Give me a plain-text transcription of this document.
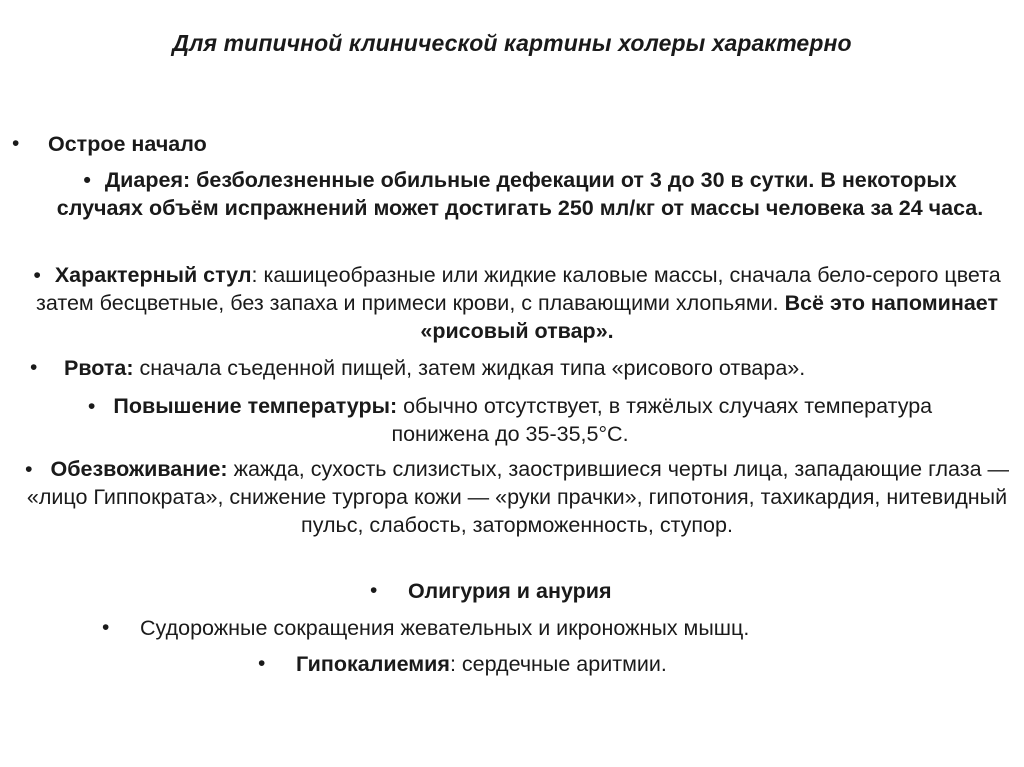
Для типичной клинической картины холеры характерно
• Острое начало
• Диарея: безболезненные обильные дефекации от 3 до 30 в сутки. В некоторых случаях объём испражнений может достигать 250 мл/кг от массы человека за 24 часа.
• Характерный стул: кашицеобразные или жидкие каловые массы, сначала бело-серого цвета затем бесцветные, без запаха и примеси крови, с плавающими хлопьями. Всё это напоминает «рисовый отвар».
• Рвота: сначала съеденной пищей, затем жидкая типа «рисового отвара».
• Повышение температуры: обычно отсутствует, в тяжёлых случаях температура понижена до 35-35,5°С.
• Обезвоживание: жажда, сухость слизистых, заострившиеся черты лица, западающие глаза — «лицо Гиппократа», снижение тургора кожи — «руки прачки», гипотония, тахикардия, нитевидный пульс, слабость, заторможенность, ступор.
• Олигурия и анурия
• Судорожные сокращения жевательных и икроножных мышц.
• Гипокалиемия: сердечные аритмии.
